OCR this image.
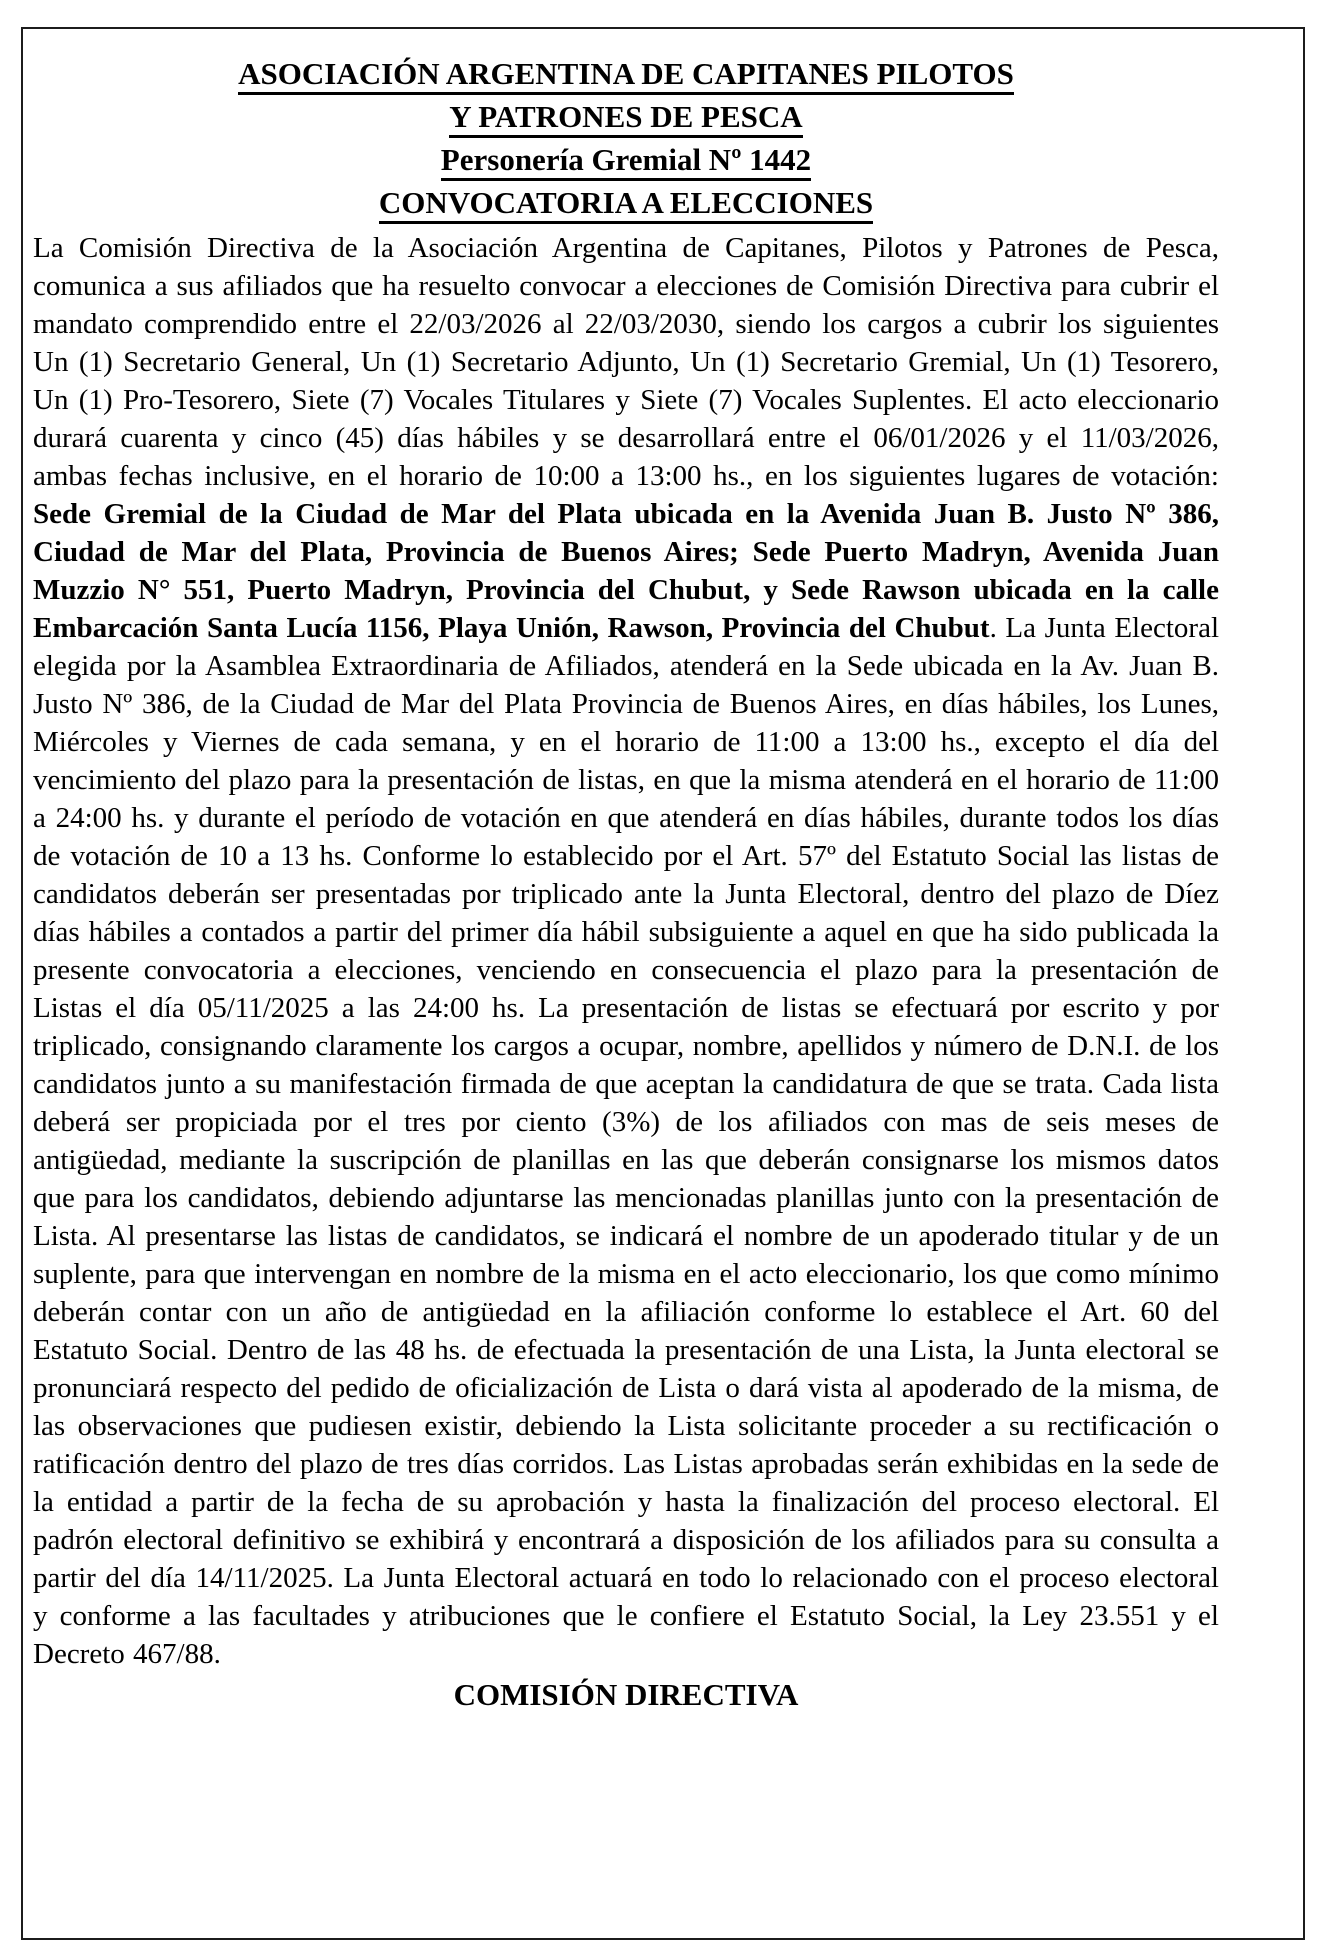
ASOCIACIÓN ARGENTINA DE CAPITANES PILOTOS
Y PATRONES DE PESCA
Personería Gremial Nº 1442
CONVOCATORIA A ELECCIONES

La Comisión Directiva de la Asociación Argentina de Capitanes, Pilotos y Patrones de Pesca, comunica a sus afiliados que ha resuelto convocar a elecciones de Comisión Directiva para cubrir el mandato comprendido entre el 22/03/2026 al 22/03/2030, siendo los cargos a cubrir los siguientes Un (1) Secretario General, Un (1) Secretario Adjunto, Un (1) Secretario Gremial, Un (1) Tesorero, Un (1) Pro-Tesorero, Siete (7) Vocales Titulares y Siete (7) Vocales Suplentes. El acto eleccionario durará cuarenta y cinco (45) días hábiles y se desarrollará entre el 06/01/2026 y el 11/03/2026, ambas fechas inclusive, en el horario de 10:00 a 13:00 hs., en los siguientes lugares de votación: Sede Gremial de la Ciudad de Mar del Plata ubicada en la Avenida Juan B. Justo Nº 386, Ciudad de Mar del Plata, Provincia de Buenos Aires; Sede Puerto Madryn, Avenida Juan Muzzio N° 551, Puerto Madryn, Provincia del Chubut, y Sede Rawson ubicada en la calle Embarcación Santa Lucía 1156, Playa Unión, Rawson, Provincia del Chubut. La Junta Electoral elegida por la Asamblea Extraordinaria de Afiliados, atenderá en la Sede ubicada en la Av. Juan B. Justo Nº 386, de la Ciudad de Mar del Plata Provincia de Buenos Aires, en días hábiles, los Lunes, Miércoles y Viernes de cada semana, y en el horario de 11:00 a 13:00 hs., excepto el día del vencimiento del plazo para la presentación de listas, en que la misma atenderá en el horario de 11:00 a 24:00 hs. y durante el período de votación en que atenderá en días hábiles, durante todos los días de votación de 10 a 13 hs. Conforme lo establecido por el Art. 57º del Estatuto Social las listas de candidatos deberán ser presentadas por triplicado ante la Junta Electoral, dentro del plazo de Díez días hábiles a contados a partir del primer día hábil subsiguiente a aquel en que ha sido publicada la presente convocatoria a elecciones, venciendo en consecuencia el plazo para la presentación de Listas el día 05/11/2025 a las 24:00 hs. La presentación de listas se efectuará por escrito y por triplicado, consignando claramente los cargos a ocupar, nombre, apellidos y número de D.N.I. de los candidatos junto a su manifestación firmada de que aceptan la candidatura de que se trata. Cada lista deberá ser propiciada por el tres por ciento (3%) de los afiliados con mas de seis meses de antigüedad, mediante la suscripción de planillas en las que deberán consignarse los mismos datos que para los candidatos, debiendo adjuntarse las mencionadas planillas junto con la presentación de Lista. Al presentarse las listas de candidatos, se indicará el nombre de un apoderado titular y de un suplente, para que intervengan en nombre de la misma en el acto eleccionario, los que como mínimo deberán contar con un año de antigüedad en la afiliación conforme lo establece el Art. 60 del Estatuto Social. Dentro de las 48 hs. de efectuada la presentación de una Lista, la Junta electoral se pronunciará respecto del pedido de oficialización de Lista o dará vista al apoderado de la misma, de las observaciones que pudiesen existir, debiendo la Lista solicitante proceder a su rectificación o ratificación dentro del plazo de tres días corridos. Las Listas aprobadas serán exhibidas en la sede de la entidad a partir de la fecha de su aprobación y hasta la finalización del proceso electoral. El padrón electoral definitivo se exhibirá y encontrará a disposición de los afiliados para su consulta a partir del día 14/11/2025. La Junta Electoral actuará en todo lo relacionado con el proceso electoral y conforme a las facultades y atribuciones que le confiere el Estatuto Social, la Ley 23.551 y el Decreto 467/88.

COMISIÓN DIRECTIVA
